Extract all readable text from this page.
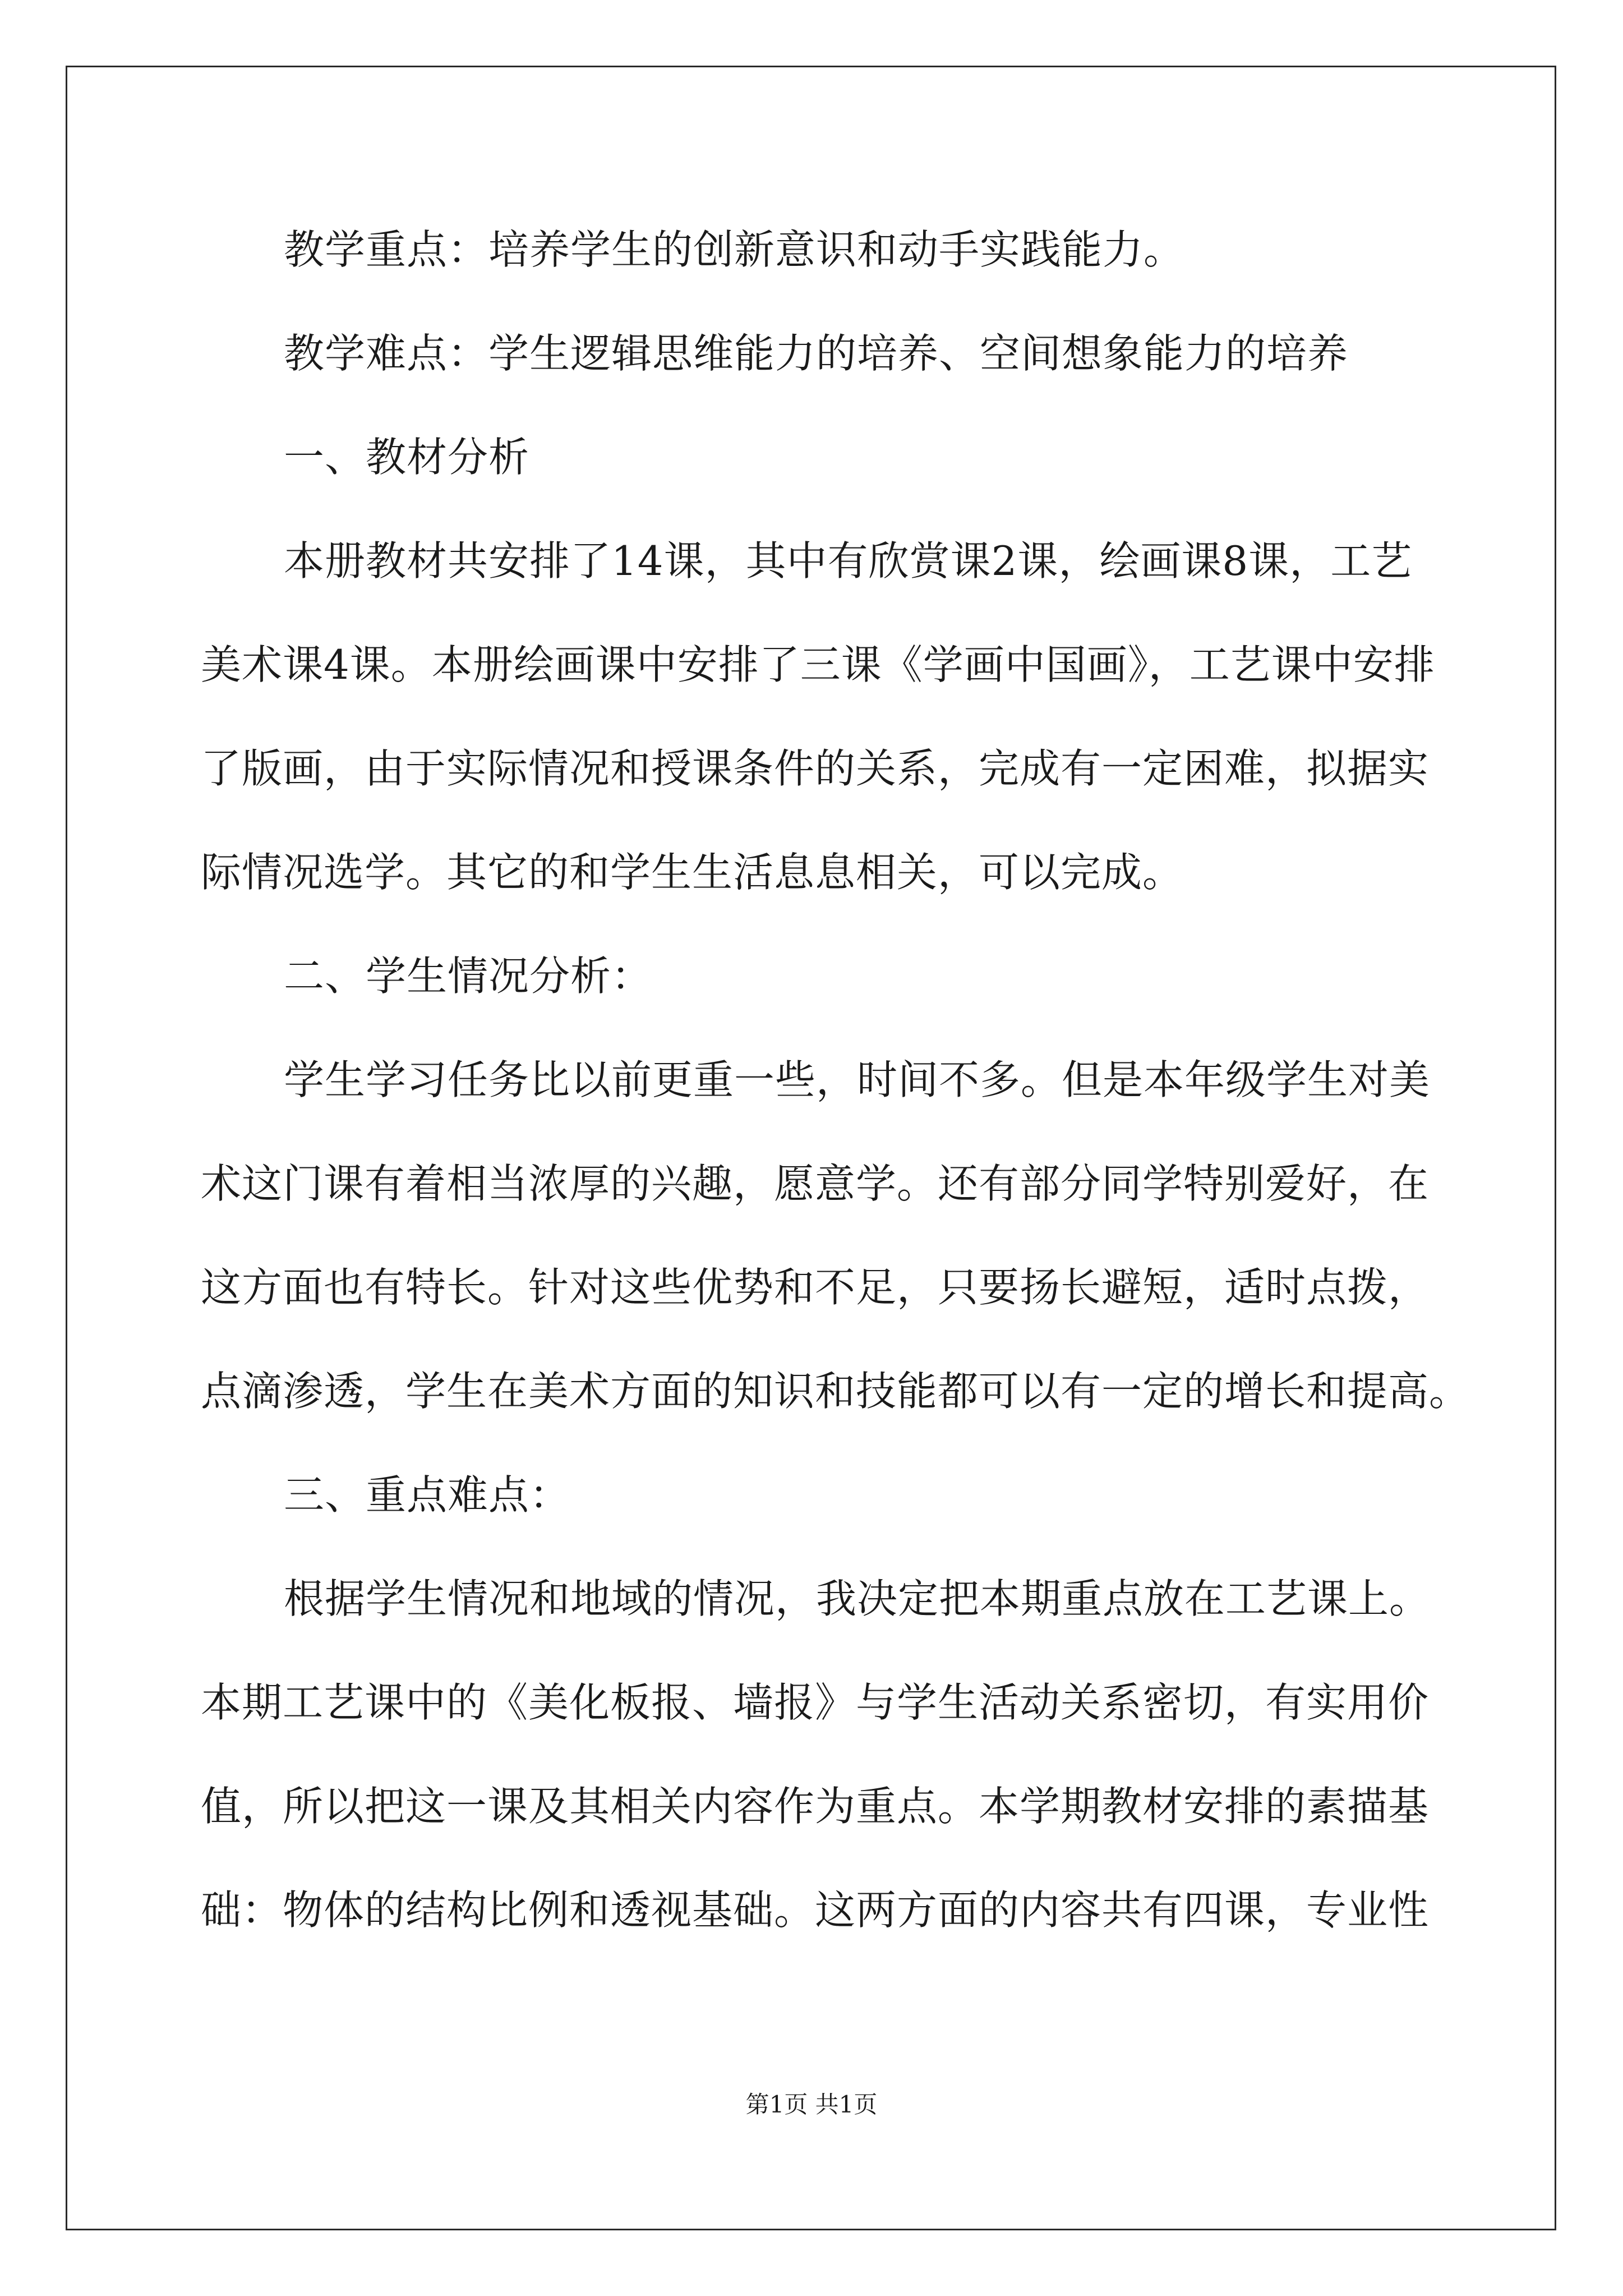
教学重点：培养学生的创新意识和动手实践能力。
教学难点：学生逻辑思维能力的培养、空间想象能力的培养
一、教材分析
本册教材共安排了14课，其中有欣赏课2课，绘画课8课，工艺
美术课4课。本册绘画课中安排了三课《学画中国画》，工艺课中安排
了版画，由于实际情况和授课条件的关系，完成有一定困难，拟据实
际情况选学。其它的和学生生活息息相关，可以完成。
二、学生情况分析：
学生学习任务比以前更重一些，时间不多。但是本年级学生对美
术这门课有着相当浓厚的兴趣，愿意学。还有部分同学特别爱好，在
这方面也有特长。针对这些优势和不足，只要扬长避短，适时点拨，
点滴渗透，学生在美术方面的知识和技能都可以有一定的增长和提高。
三、重点难点：
根据学生情况和地域的情况，我决定把本期重点放在工艺课上。
本期工艺课中的《美化板报、墙报》与学生活动关系密切，有实用价
值，所以把这一课及其相关内容作为重点。本学期教材安排的素描基
础：物体的结构比例和透视基础。这两方面的内容共有四课，专业性
第1页 共1页
